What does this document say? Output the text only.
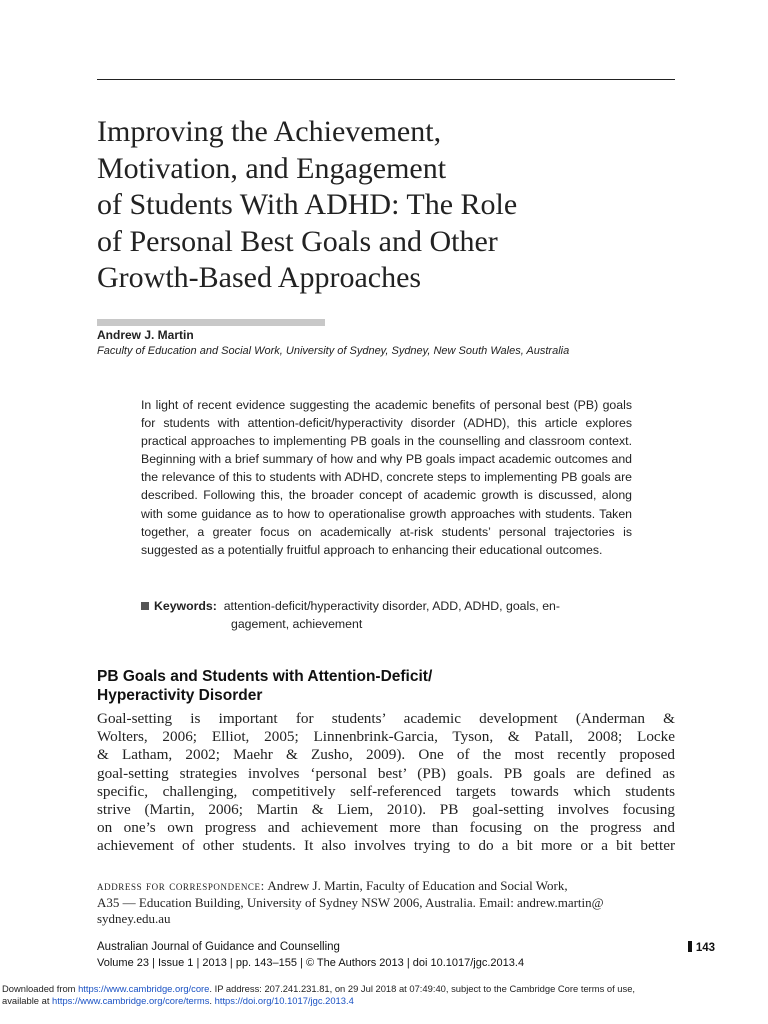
Improving the Achievement,
Motivation, and Engagement
of Students With ADHD: The Role
of Personal Best Goals and Other
Growth-Based Approaches
Andrew J. Martin
Faculty of Education and Social Work, University of Sydney, Sydney, New South Wales, Australia

In light of recent evidence suggesting the academic benefits of personal best (PB) goals for students with attention-deficit/hyperactivity disorder (ADHD), this article explores practical approaches to implementing PB goals in the counselling and classroom context. Beginning with a brief summary of how and why PB goals impact academic outcomes and the relevance of this to students with ADHD, concrete steps to implementing PB goals are described. Following this, the broader concept of academic growth is discussed, along with some guidance as to how to operationalise growth approaches with students. Taken together, a greater focus on academically at-risk students’ personal trajectories is suggested as a potentially fruitful approach to enhancing their educational outcomes.

Keywords: attention-deficit/hyperactivity disorder, ADD, ADHD, goals, en-
gagement, achievement
PB Goals and Students with Attention-Deficit/
Hyperactivity Disorder
Goal-setting is important for students’ academic development (Anderman &
Wolters, 2006; Elliot, 2005; Linnenbrink-Garcia, Tyson, & Patall, 2008; Locke
& Latham, 2002; Maehr & Zusho, 2009). One of the most recently proposed
goal-setting strategies involves ‘personal best’ (PB) goals. PB goals are defined as
specific, challenging, competitively self-referenced targets towards which students
strive (Martin, 2006; Martin & Liem, 2010). PB goal-setting involves focusing
on one’s own progress and achievement more than focusing on the progress and
achievement of other students. It also involves trying to do a bit more or a bit better
address for correspondence: Andrew J. Martin, Faculty of Education and Social Work,
A35 — Education Building, University of Sydney NSW 2006, Australia. Email: andrew.martin@
sydney.edu.au
Australian Journal of Guidance and Counselling
Volume 23 | Issue 1 | 2013 | pp. 143–155 | © The Authors 2013 | doi 10.1017/jgc.2013.4
143
Downloaded from https://www.cambridge.org/core. IP address: 207.241.231.81, on 29 Jul 2018 at 07:49:40, subject to the Cambridge Core terms of use,
available at https://www.cambridge.org/core/terms. https://doi.org/10.1017/jgc.2013.4
